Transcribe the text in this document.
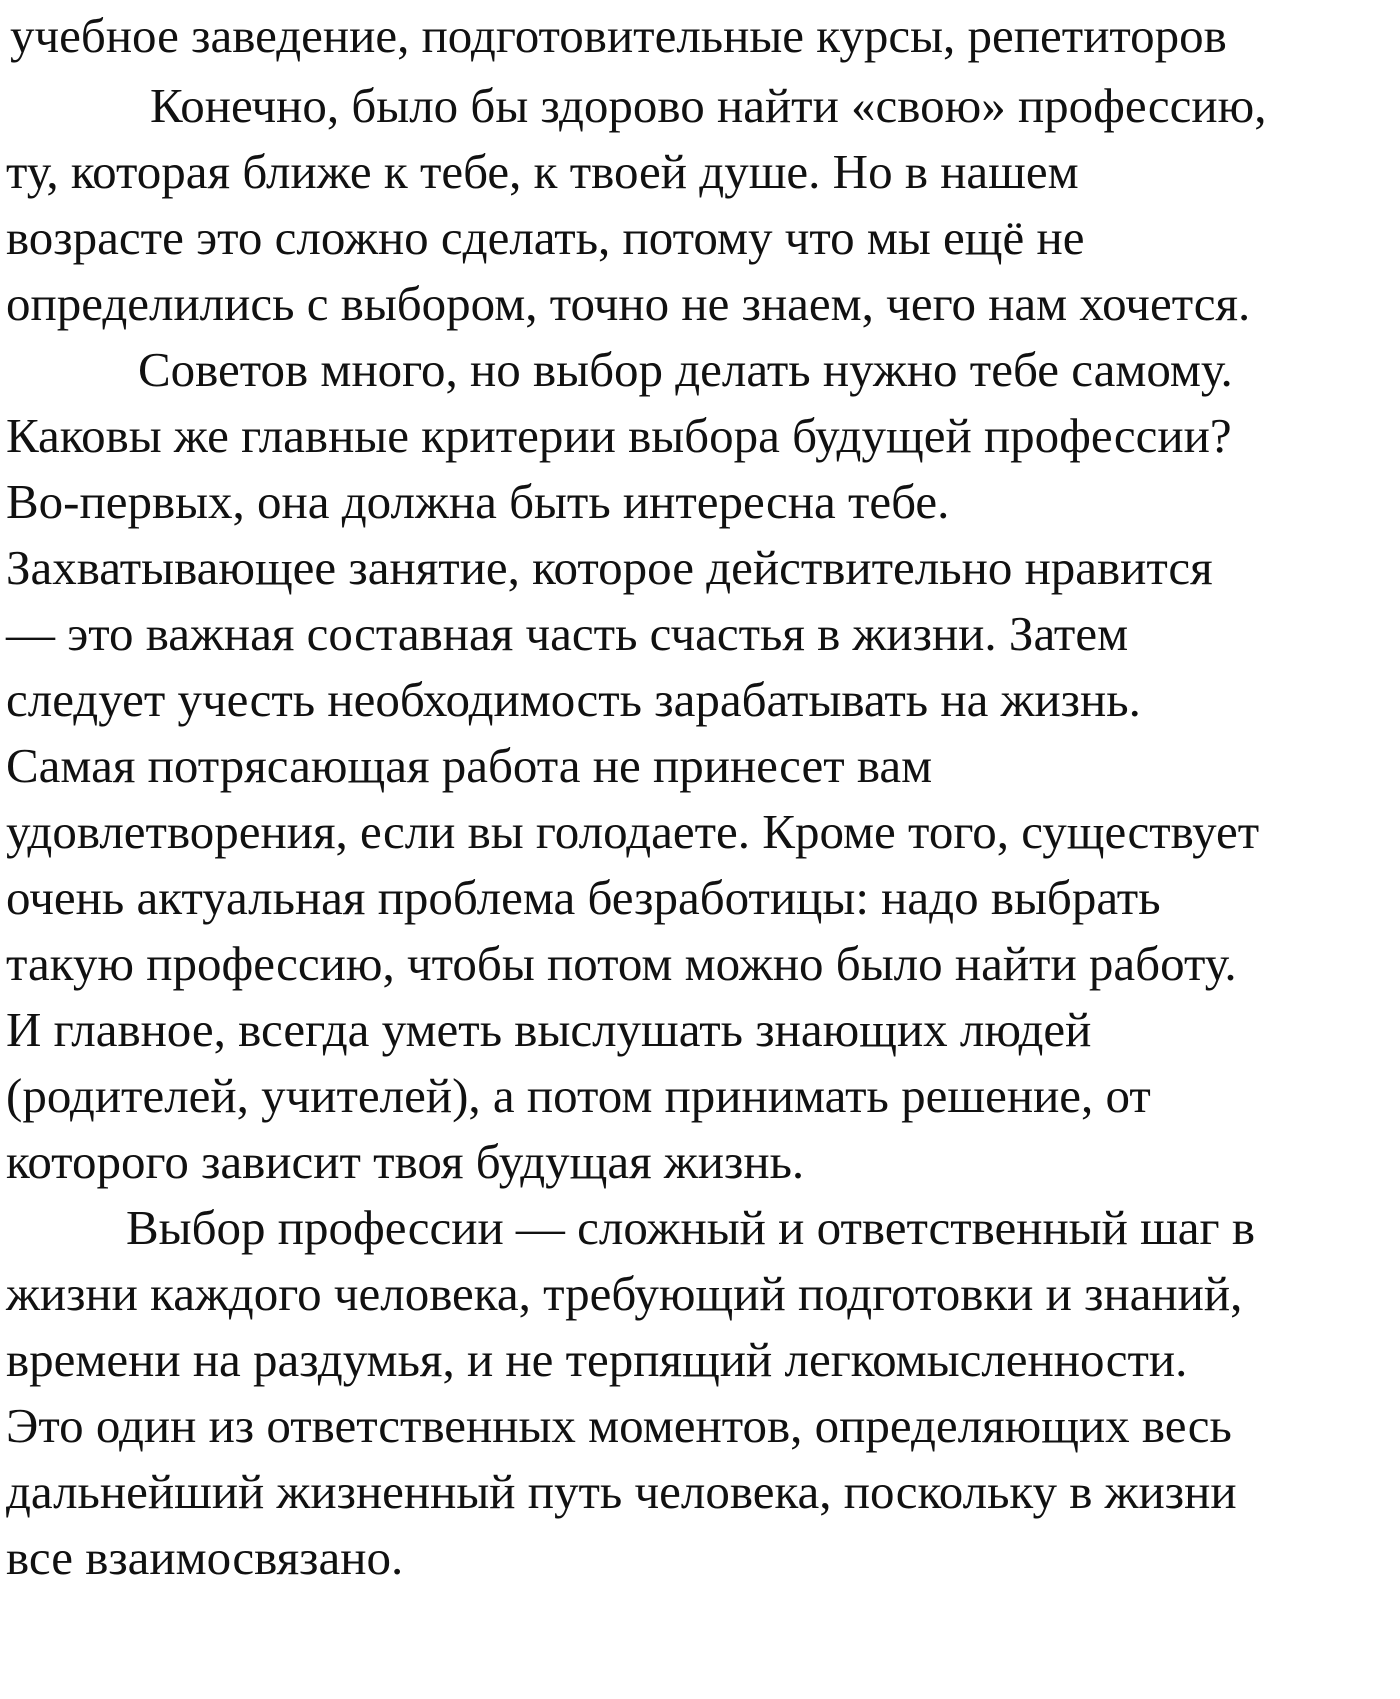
учебное заведение, подготовительные курсы, репетиторов
Конечно, было бы здорово найти «свою» профессию,
ту, которая ближе к тебе, к твоей душе. Но в нашем
возрасте это сложно сделать, потому что мы ещё не
определились с выбором, точно не знаем, чего нам хочется.
Советов много, но выбор делать нужно тебе самому.
Каковы же главные критерии выбора будущей профессии?
Во-первых, она должна быть интересна тебе.
Захватывающее занятие, которое действительно нравится
— это важная составная часть счастья в жизни. Затем
следует учесть необходимость зарабатывать на жизнь.
Самая потрясающая работа не принесет вам
удовлетворения, если вы голодаете. Кроме того, существует
очень актуальная проблема безработицы: надо выбрать
такую профессию, чтобы потом можно было найти работу.
И главное, всегда уметь выслушать знающих людей
(родителей, учителей), а потом принимать решение, от
которого зависит твоя будущая жизнь.
Выбор профессии — сложный и ответственный шаг в
жизни каждого человека, требующий подготовки и знаний,
времени на раздумья, и не терпящий легкомысленности.
Это один из ответственных моментов, определяющих весь
дальнейший жизненный путь человека, поскольку в жизни
все взаимосвязано.
